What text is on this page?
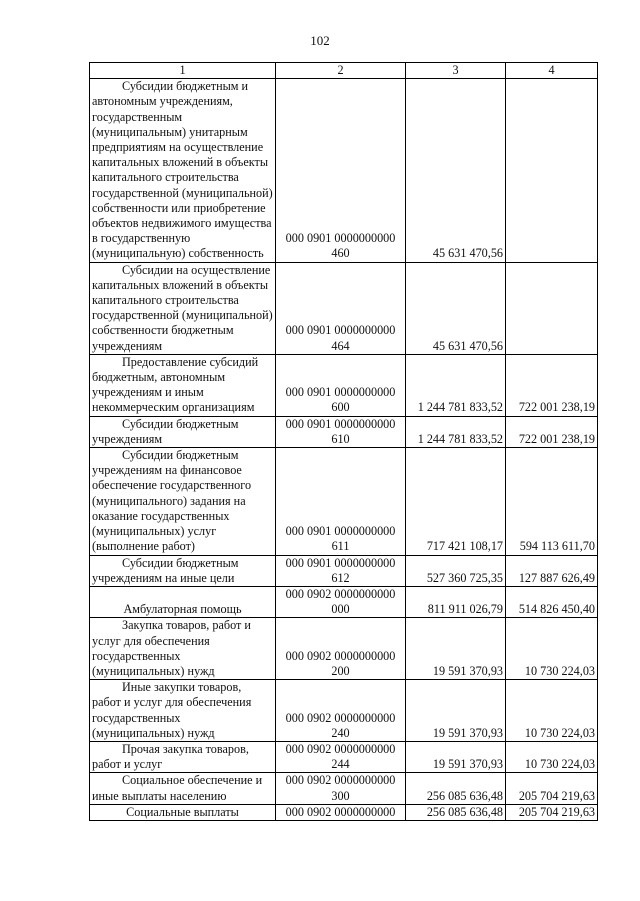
102
1	2	3	4
Субсидии бюджетным и автономным учреждениям, государственным (муниципальным) унитарным предприятиям на осуществление капитальных вложений в объекты капитального строительства государственной (муниципальной) собственности или приобретение объектов недвижимого имущества в государственную (муниципальную) собственность	000 0901 0000000000 460	45 631 470,56	
Субсидии на осуществление капитальных вложений в объекты капитального строительства государственной (муниципальной) собственности бюджетным учреждениям	000 0901 0000000000 464	45 631 470,56	
Предоставление субсидий бюджетным, автономным учреждениям и иным некоммерческим организациям	000 0901 0000000000 600	1 244 781 833,52	722 001 238,19
Субсидии бюджетным учреждениям	000 0901 0000000000 610	1 244 781 833,52	722 001 238,19
Субсидии бюджетным учреждениям на финансовое обеспечение государственного (муниципального) задания на оказание государственных (муниципальных) услуг (выполнение работ)	000 0901 0000000000 611	717 421 108,17	594 113 611,70
Субсидии бюджетным учреждениям на иные цели	000 0901 0000000000 612	527 360 725,35	127 887 626,49
Амбулаторная помощь	000 0902 0000000000 000	811 911 026,79	514 826 450,40
Закупка товаров, работ и услуг для обеспечения государственных (муниципальных) нужд	000 0902 0000000000 200	19 591 370,93	10 730 224,03
Иные закупки товаров, работ и услуг для обеспечения государственных (муниципальных) нужд	000 0902 0000000000 240	19 591 370,93	10 730 224,03
Прочая закупка товаров, работ и услуг	000 0902 0000000000 244	19 591 370,93	10 730 224,03
Социальное обеспечение и иные выплаты населению	000 0902 0000000000 300	256 085 636,48	205 704 219,63
Социальные выплаты	000 0902 0000000000	256 085 636,48	205 704 219,63
